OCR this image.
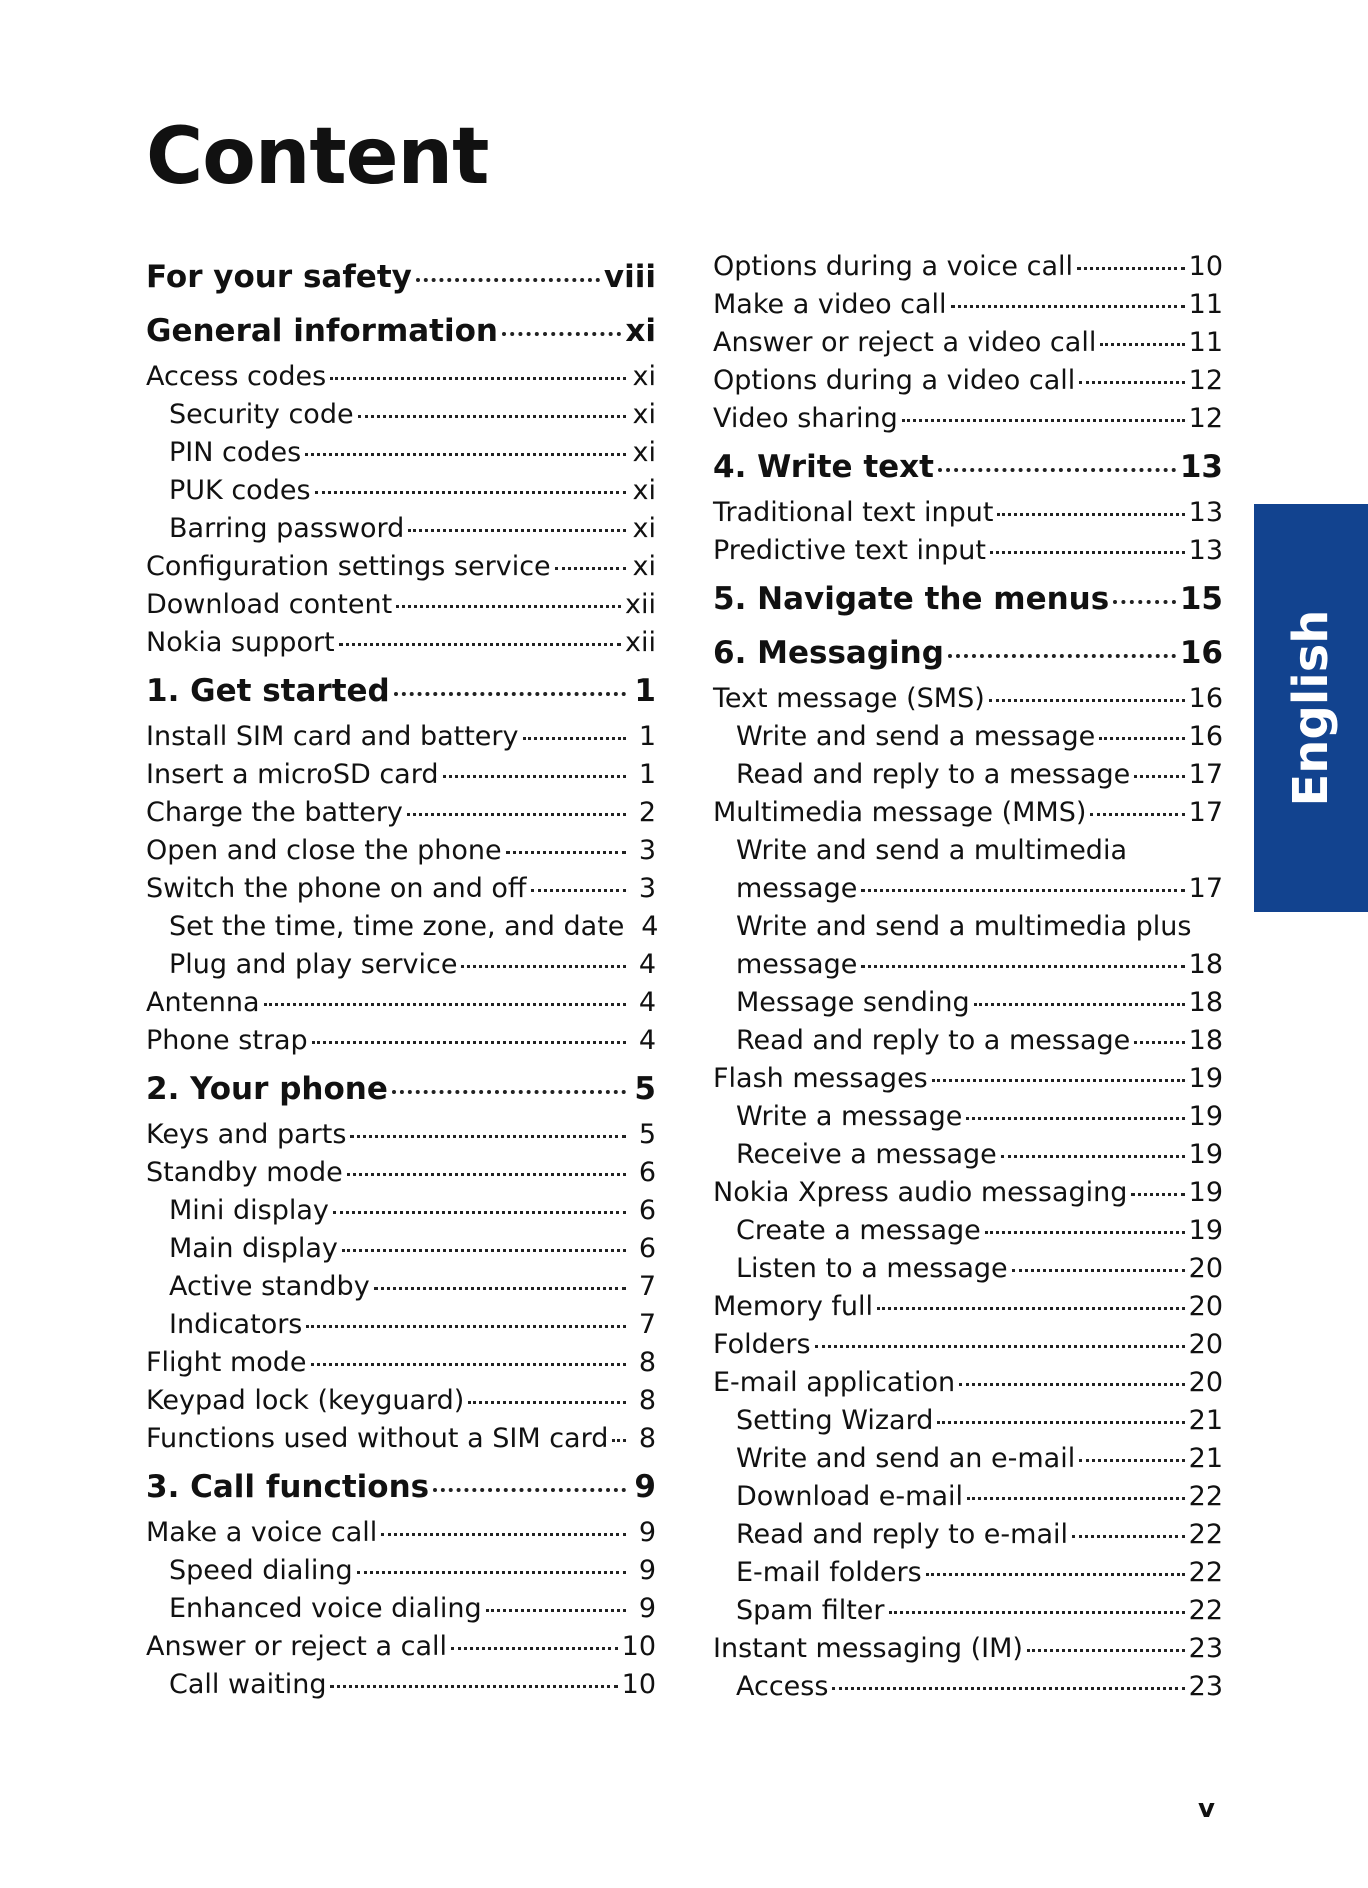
Content
For your safety	viii
General information	xi
Access codes	xi
Security code	xi
PIN codes	xi
PUK codes	xi
Barring password	xi
Configuration settings service	xi
Download content	xii
Nokia support	xii
1. Get started	1
Install SIM card and battery	1
Insert a microSD card	1
Charge the battery	2
Open and close the phone	3
Switch the phone on and off	3
Set the time, time zone, and date 4
Plug and play service	4
Antenna	4
Phone strap	4
2. Your phone	5
Keys and parts	5
Standby mode	6
Mini display	6
Main display	6
Active standby	7
Indicators	7
Flight mode	8
Keypad lock (keyguard)	8
Functions used without a SIM card	8
3. Call functions	9
Make a voice call	9
Speed dialing	9
Enhanced voice dialing	9
Answer or reject a call	10
Call waiting	10
Options during a voice call	10
Make a video call	11
Answer or reject a video call	11
Options during a video call	12
Video sharing	12
4. Write text	13
Traditional text input	13
Predictive text input	13
5. Navigate the menus 15
6. Messaging	16
Text message (SMS)	16
Write and send a message	16
Read and reply to a message 17
Multimedia message (MMS)	17
Write and send a multimedia
message	17
Write and send a multimedia plus
message	18
Message sending	18
Read and reply to a message 18
Flash messages	19
Write a message	19
Receive a message	19
Nokia Xpress audio messaging 19
Create a message	19
Listen to a message	20
Memory full	20
Folders	20
E-mail application	20
Setting Wizard	21
Write and send an e-mail	21
Download e-mail	22
Read and reply to e-mail	22
E-mail folders	22
Spam filter	22
Instant messaging (IM)	23
Access	23
English
v
